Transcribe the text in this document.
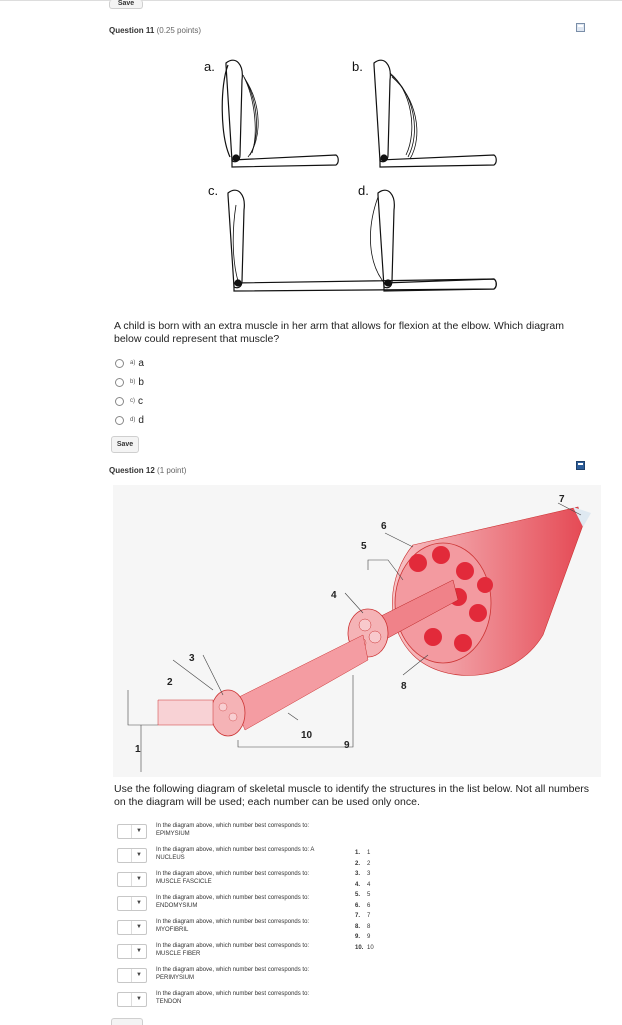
Save
Question 11 (0.25 points)
a.	b.
c.	d.
A child is born with an extra muscle in her arm that allows for flexion at the elbow. Which diagram below could represent that muscle?
a) a
b) b
c) c
d) d
Save
Question 12 (1 point)
1
2
3
4
5
6
7
8
9
10
Use the following diagram of skeletal muscle to identify the structures in the list below. Not all numbers on the diagram will be used; each number can be used only once.
▼
In the diagram above, which number best corresponds to:
EPIMYSIUM
▼
In the diagram above, which number best corresponds to: A
NUCLEUS
▼
In the diagram above, which number best corresponds to:
MUSCLE FASCICLE
▼
In the diagram above, which number best corresponds to:
ENDOMYSIUM
▼
In the diagram above, which number best corresponds to:
MYOFIBRIL
▼
In the diagram above, which number best corresponds to:
MUSCLE FIBER
▼
In the diagram above, which number best corresponds to:
PERIMYSIUM
▼
In the diagram above, which number best corresponds to:
TENDON
1. 1
2. 2
3. 3
4. 4
5. 5
6. 6
7. 7
8. 8
9. 9
10. 10
